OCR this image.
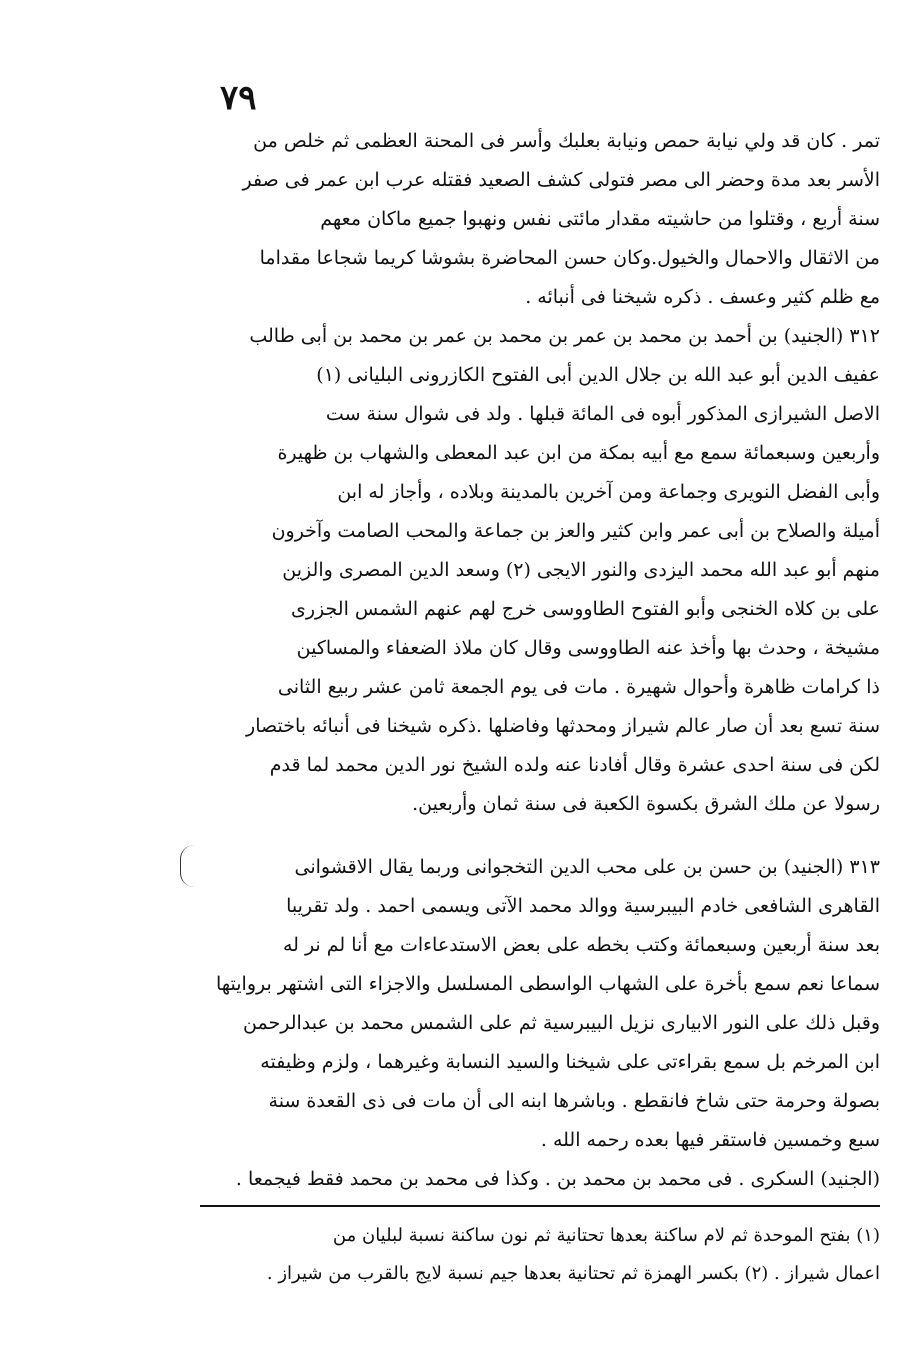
٧٩
تمر . كان قد ولي نيابة حمص ونيابة بعلبك وأسر فى المحنة العظمى ثم خلص من
الأسر بعد مدة وحضر الى مصر فتولى كشف الصعيد فقتله عرب ابن عمر فى صفر
سنة أربع ، وقتلوا من حاشيته مقدار مائتى نفس ونهبوا جميع ماكان معهم
من الاثقال والاحمال والخيول.وكان حسن المحاضرة بشوشا كريما شجاعا مقداما
مع ظلم كثير وعسف . ذكره شيخنا فى أنبائه .
٣١٢ (الجنيد) بن أحمد بن محمد بن عمر بن محمد بن عمر بن محمد بن أبى طالب
عفيف الدين أبو عبد الله بن جلال الدين أبى الفتوح الكازرونى البليانى (١)
الاصل الشيرازى المذكور أبوه فى المائة قبلها . ولد فى شوال سنة ست
وأربعين وسبعمائة سمع مع أبيه بمكة من ابن عبد المعطى والشهاب بن ظهيرة
وأبى الفضل النويرى وجماعة ومن آخرين بالمدينة وبلاده ، وأجاز له ابن
أميلة والصلاح بن أبى عمر وابن كثير والعز بن جماعة والمحب الصامت وآخرون
منهم أبو عبد الله محمد اليزدى والنور الايجى (٢) وسعد الدين المصرى والزين
على بن كلاه الخنجى وأبو الفتوح الطاووسى خرج لهم عنهم الشمس الجزرى
مشيخة ، وحدث بها وأخذ عنه الطاووسى وقال كان ملاذ الضعفاء والمساكين
ذا كرامات ظاهرة وأحوال شهيرة . مات فى يوم الجمعة ثامن عشر ربيع الثانى
سنة تسع بعد أن صار عالم شيراز ومحدثها وفاضلها .ذكره شيخنا فى أنبائه باختصار
لكن فى سنة احدى عشرة وقال أفادنا عنه ولده الشيخ نور الدين محمد لما قدم
رسولا عن ملك الشرق بكسوة الكعبة فى سنة ثمان وأربعين.
٣١٣ (الجنيد) بن حسن بن على محب الدين التخجوانى وربما يقال الاقشوانى
القاهرى الشافعى خادم البيبرسية ووالد محمد الآتى ويسمى احمد . ولد تقريبا
بعد سنة أربعين وسبعمائة وكتب بخطه على بعض الاستدعاءات مع أنا لم نر له
سماعا نعم سمع بأخرة على الشهاب الواسطى المسلسل والاجزاء التى اشتهر بروايتها
وقبل ذلك على النور الابيارى نزيل البيبرسية ثم على الشمس محمد بن عبدالرحمن
ابن المرخم بل سمع بقراءتى على شيخنا والسيد النسابة وغيرهما ، ولزم وظيفته
بصولة وحرمة حتى شاخ فانقطع . وباشرها ابنه الى أن مات فى ذى القعدة سنة
سبع وخمسين فاستقر فيها بعده رحمه الله .
(الجنيد) السكرى . فى محمد بن محمد بن . وكذا فى محمد بن محمد فقط فيجمعا .
(١) بفتح الموحدة ثم لام ساكنة بعدها تحتانية ثم نون ساكنة نسبة لبليان من
اعمال شيراز . (٢) بكسر الهمزة ثم تحتانية بعدها جيم نسبة لايج بالقرب من شيراز .
